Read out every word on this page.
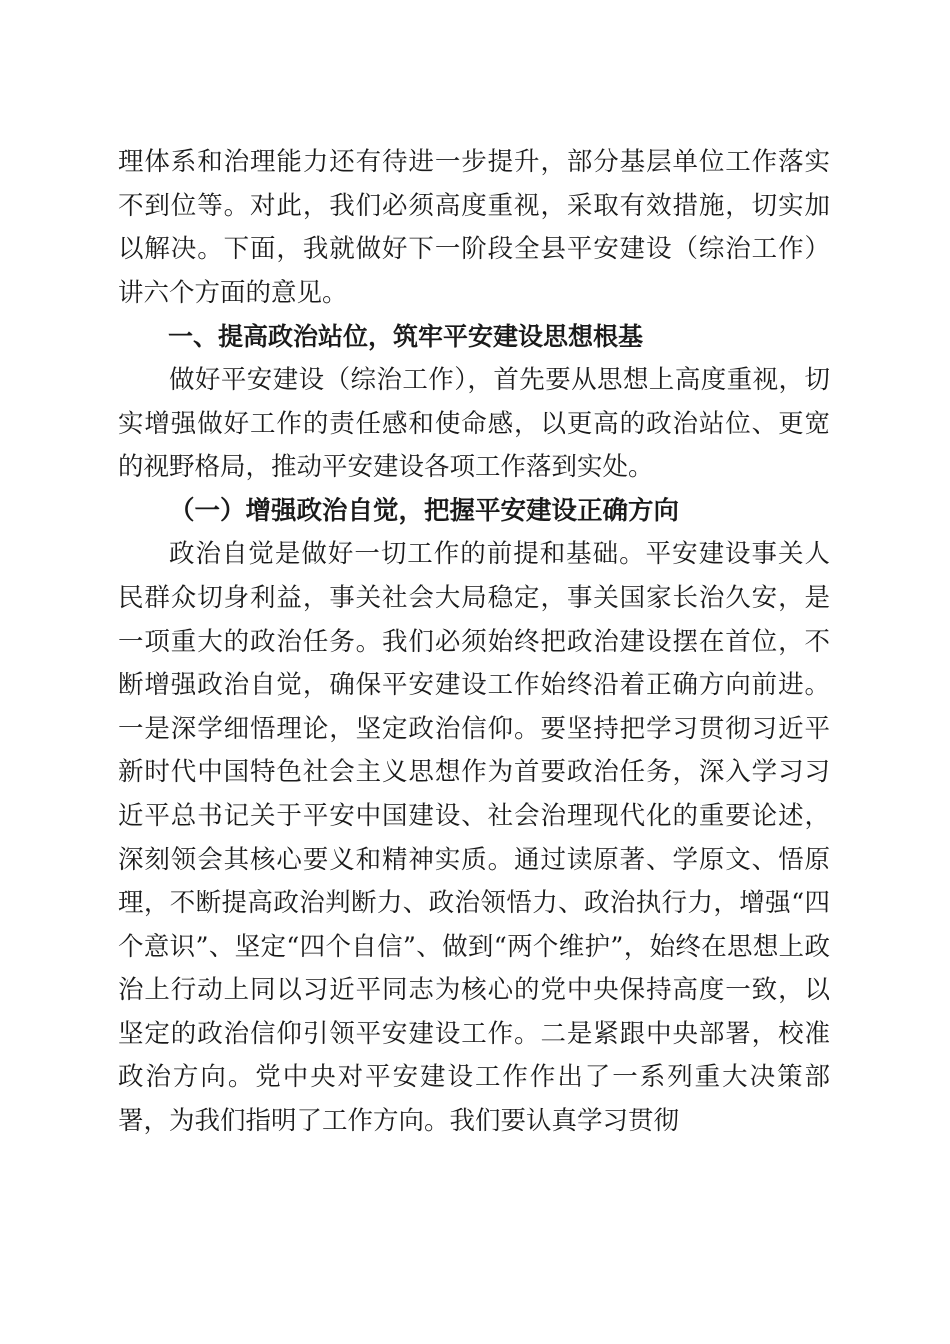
理体系和治理能力还有待进一步提升，部分基层单位工作落实不到位等。对此，我们必须高度重视，采取有效措施，切实加以解决。下面，我就做好下一阶段全县平安建设（综治工作）讲六个方面的意见。

一、提高政治站位，筑牢平安建设思想根基

做好平安建设（综治工作），首先要从思想上高度重视，切实增强做好工作的责任感和使命感，以更高的政治站位、更宽的视野格局，推动平安建设各项工作落到实处。

（一）增强政治自觉，把握平安建设正确方向

政治自觉是做好一切工作的前提和基础。平安建设事关人民群众切身利益，事关社会大局稳定，事关国家长治久安，是一项重大的政治任务。我们必须始终把政治建设摆在首位，不断增强政治自觉，确保平安建设工作始终沿着正确方向前进。一是深学细悟理论，坚定政治信仰。要坚持把学习贯彻习近平新时代中国特色社会主义思想作为首要政治任务，深入学习习近平总书记关于平安中国建设、社会治理现代化的重要论述，深刻领会其核心要义和精神实质。通过读原著、学原文、悟原理，不断提高政治判断力、政治领悟力、政治执行力，增强“四个意识”、坚定“四个自信”、做到“两个维护”，始终在思想上政治上行动上同以习近平同志为核心的党中央保持高度一致，以坚定的政治信仰引领平安建设工作。二是紧跟中央部署，校准政治方向。党中央对平安建设工作作出了一系列重大决策部署，为我们指明了工作方向。我们要认真学习贯彻
